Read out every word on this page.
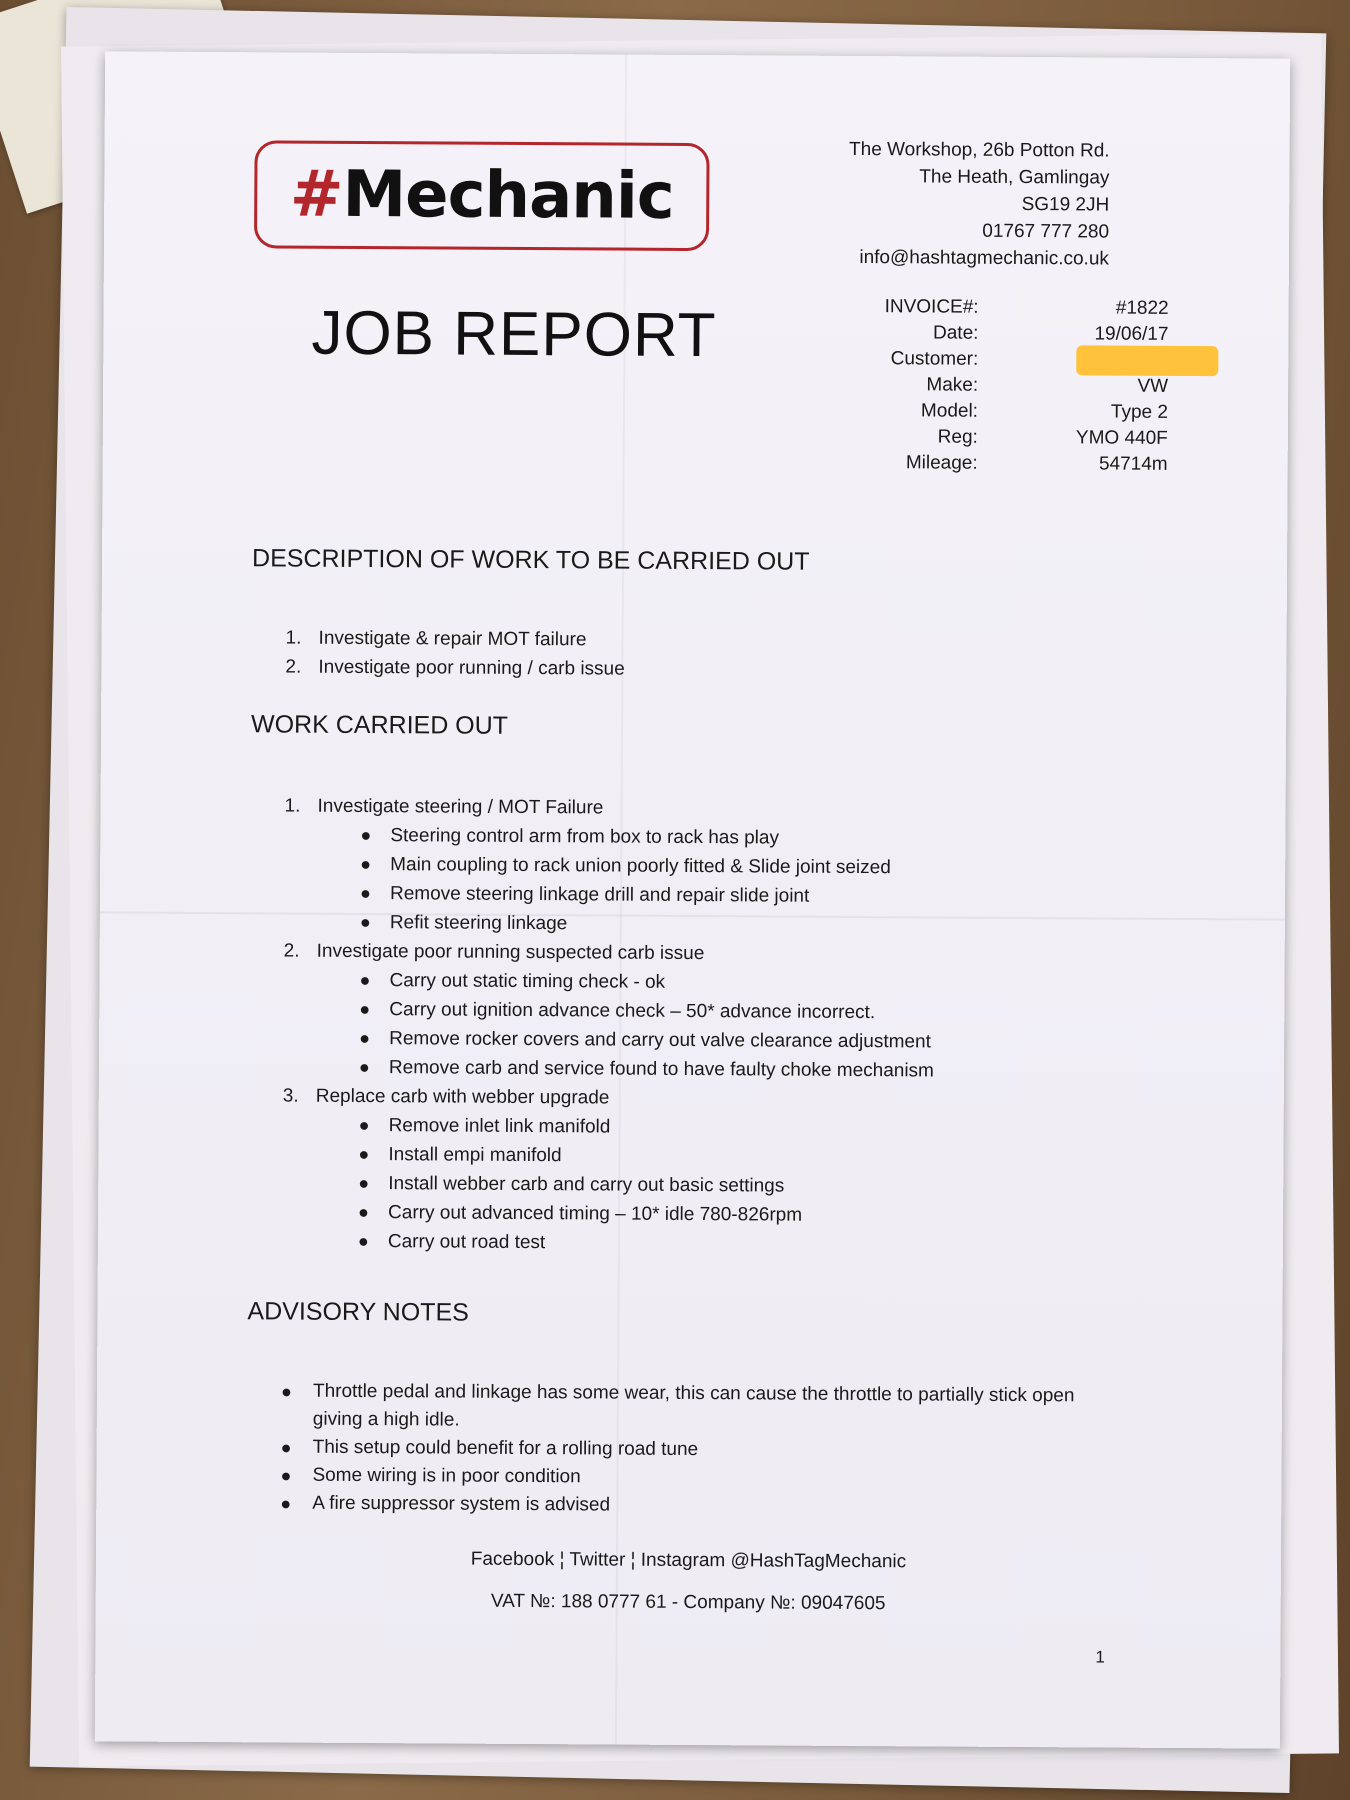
# Mechanic
The Workshop, 26b Potton Rd.
The Heath, Gamlingay
SG19 2JH
01767 777 280
info@hashtagmechanic.co.uk
JOB REPORT	INVOICE#:	#1822
Date:	19/06/17
Customer:
Make:	VW
Model:	Type 2
Reg:	YMO 440F
Mileage:	54714m
DESCRIPTION OF WORK TO BE CARRIED OUT
1. Investigate & repair MOT failure
2. Investigate poor running / carb issue
WORK CARRIED OUT
1. Investigate steering / MOT Failure
● Steering control arm from box to rack has play
● Main coupling to rack union poorly fitted & Slide joint seized
● Remove steering linkage drill and repair slide joint
● Refit steering linkage
2. Investigate poor running suspected carb issue
● Carry out static timing check - ok
● Carry out ignition advance check – 50* advance incorrect.
● Remove rocker covers and carry out valve clearance adjustment
● Remove carb and service found to have faulty choke mechanism
3. Replace carb with webber upgrade
● Remove inlet link manifold
● Install empi manifold
● Install webber carb and carry out basic settings
● Carry out advanced timing – 10* idle 780-826rpm
● Carry out road test
ADVISORY NOTES
● Throttle pedal and linkage has some wear, this can cause the throttle to partially stick open giving a high idle.
● This setup could benefit for a rolling road tune
● Some wiring is in poor condition
● A fire suppressor system is advised
Facebook ¦ Twitter ¦ Instagram @HashTagMechanic
VAT №: 188 0777 61 - Company №: 09047605
1
